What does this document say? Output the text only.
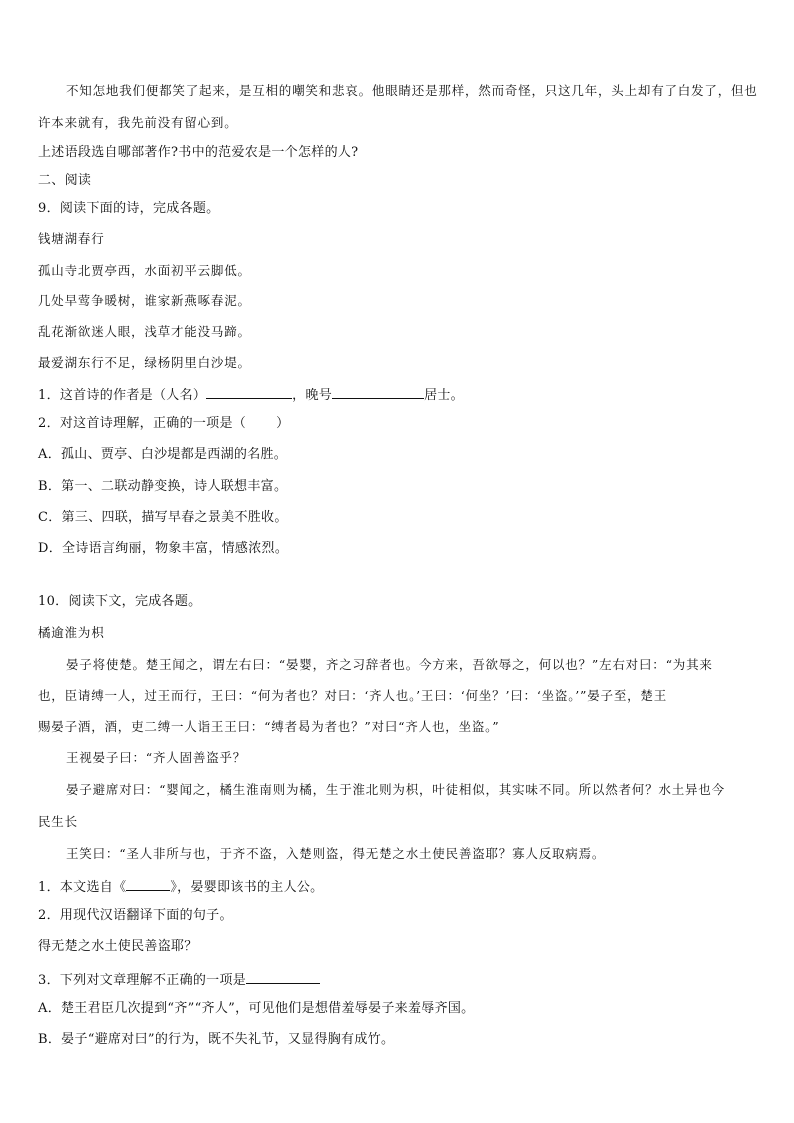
不知怎地我们便都笑了起来，是互相的嘲笑和悲哀。他眼睛还是那样，然而奇怪，只这几年，头上却有了白发了，但也
许本来就有，我先前没有留心到。
上述语段选自哪部著作?书中的范爱农是一个怎样的人?
二、阅读
9．阅读下面的诗，完成各题。
钱塘湖春行
孤山寺北贾亭西，水面初平云脚低。
几处早莺争暖树，谁家新燕啄春泥。
乱花渐欲迷人眼，浅草才能没马蹄。
最爱湖东行不足，绿杨阴里白沙堤。
1．这首诗的作者是（人名）	，晚号	居士。
2．对这首诗理解，正确的一项是（ ）
A．孤山、贾亭、白沙堤都是西湖的名胜。
B．第一、二联动静变换，诗人联想丰富。
C．第三、四联，描写早春之景美不胜收。
D．全诗语言绚丽，物象丰富，情感浓烈。
10．阅读下文，完成各题。
橘逾淮为枳
晏子将使楚。楚王闻之，谓左右曰：“晏婴，齐之习辞者也。今方来，吾欲辱之，何以也？”左右对曰：“为其来
也，臣请缚一人，过王而行，王曰：“何为者也？对曰：‘齐人也。’王曰：‘何坐？’曰：‘坐盗。’”晏子至，楚王
赐晏子酒，酒，吏二缚一人诣王王曰：“缚者曷为者也？”对曰“齐人也，坐盗。”
王视晏子曰：“齐人固善盗乎？
晏子避席对曰：“婴闻之，橘生淮南则为橘，生于淮北则为枳，叶徒相似，其实味不同。所以然者何？水土异也今
民生长
王笑曰：“圣人非所与也，于齐不盗，入楚则盗，得无楚之水土使民善盗耶？寡人反取病焉。
1．本文选自《	》，晏婴即该书的主人公。
2．用现代汉语翻译下面的句子。
得无楚之水土使民善盗耶？
3．下列对文章理解不正确的一项是
A．楚王君臣几次提到“齐”“齐人”，可见他们是想借羞辱晏子来羞辱齐国。
B．晏子“避席对曰”的行为，既不失礼节，又显得胸有成竹。
